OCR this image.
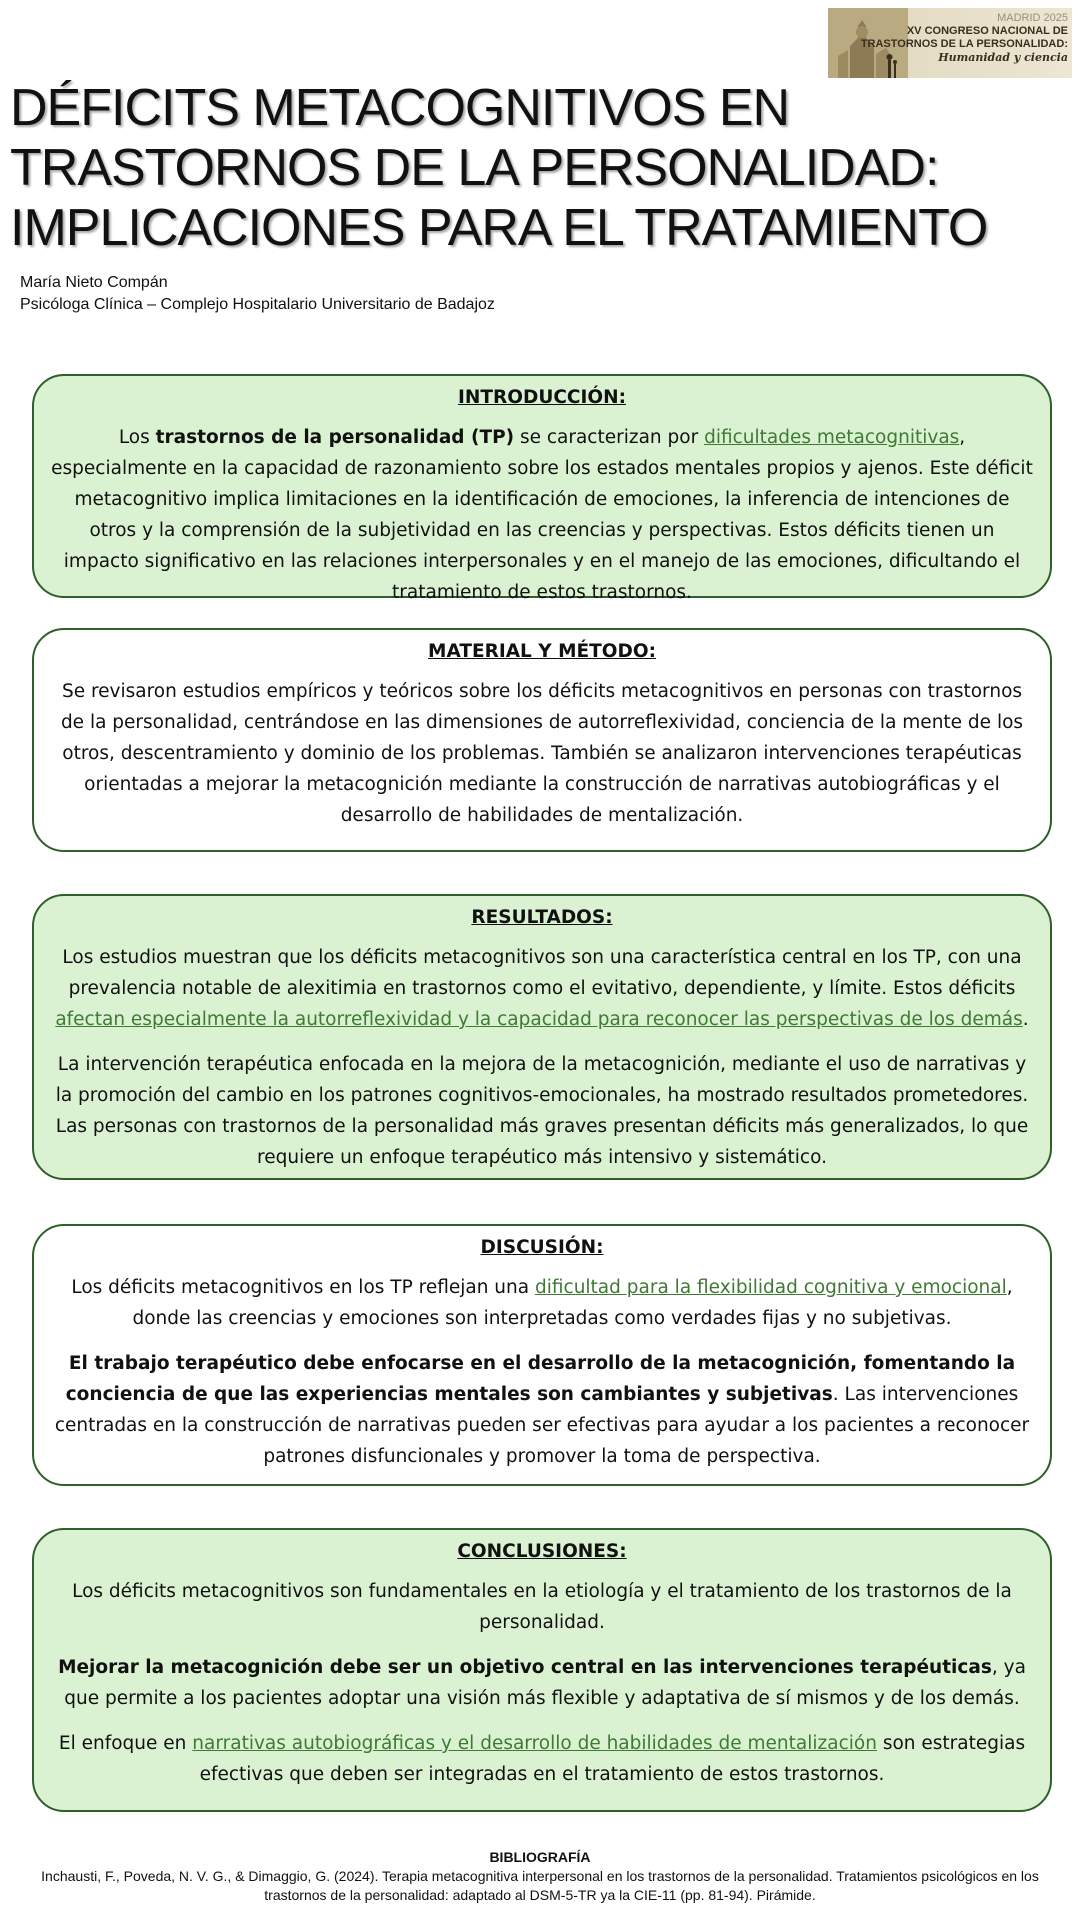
MADRID 2025
XV CONGRESO NACIONAL DE
TRASTORNOS DE LA PERSONALIDAD:
Humanidad y ciencia
DÉFICITS METACOGNITIVOS EN
TRASTORNOS DE LA PERSONALIDAD:
IMPLICACIONES PARA EL TRATAMIENTO
María Nieto Compán
Psicóloga Clínica – Complejo Hospitalario Universitario de Badajoz
INTRODUCCIÓN:

Los trastornos de la personalidad (TP) se caracterizan por dificultades metacognitivas, especialmente en la capacidad de razonamiento sobre los estados mentales propios y ajenos. Este déficit metacognitivo implica limitaciones en la identificación de emociones, la inferencia de intenciones de otros y la comprensión de la subjetividad en las creencias y perspectivas. Estos déficits tienen un impacto significativo en las relaciones interpersonales y en el manejo de las emociones, dificultando el tratamiento de estos trastornos.

MATERIAL Y MÉTODO:

Se revisaron estudios empíricos y teóricos sobre los déficits metacognitivos en personas con trastornos de la personalidad, centrándose en las dimensiones de autorreflexividad, conciencia de la mente de los otros, descentramiento y dominio de los problemas. También se analizaron intervenciones terapéuticas orientadas a mejorar la metacognición mediante la construcción de narrativas autobiográficas y el desarrollo de habilidades de mentalización.

RESULTADOS:

Los estudios muestran que los déficits metacognitivos son una característica central en los TP, con una prevalencia notable de alexitimia en trastornos como el evitativo, dependiente, y límite. Estos déficits afectan especialmente la autorreflexividad y la capacidad para reconocer las perspectivas de los demás.

La intervención terapéutica enfocada en la mejora de la metacognición, mediante el uso de narrativas y la promoción del cambio en los patrones cognitivos-emocionales, ha mostrado resultados prometedores. Las personas con trastornos de la personalidad más graves presentan déficits más generalizados, lo que requiere un enfoque terapéutico más intensivo y sistemático.

DISCUSIÓN:

Los déficits metacognitivos en los TP reflejan una dificultad para la flexibilidad cognitiva y emocional, donde las creencias y emociones son interpretadas como verdades fijas y no subjetivas.

El trabajo terapéutico debe enfocarse en el desarrollo de la metacognición, fomentando la conciencia de que las experiencias mentales son cambiantes y subjetivas. Las intervenciones centradas en la construcción de narrativas pueden ser efectivas para ayudar a los pacientes a reconocer patrones disfuncionales y promover la toma de perspectiva.

CONCLUSIONES:

Los déficits metacognitivos son fundamentales en la etiología y el tratamiento de los trastornos de la personalidad.

Mejorar la metacognición debe ser un objetivo central en las intervenciones terapéuticas, ya que permite a los pacientes adoptar una visión más flexible y adaptativa de sí mismos y de los demás.

El enfoque en narrativas autobiográficas y el desarrollo de habilidades de mentalización son estrategias efectivas que deben ser integradas en el tratamiento de estos trastornos.

BIBLIOGRAFÍA
Inchausti, F., Poveda, N. V. G., & Dimaggio, G. (2024). Terapia metacognitiva interpersonal en los trastornos de la personalidad. Tratamientos psicológicos en los trastornos de la personalidad: adaptado al DSM-5-TR ya la CIE-11 (pp. 81-94). Pirámide.
